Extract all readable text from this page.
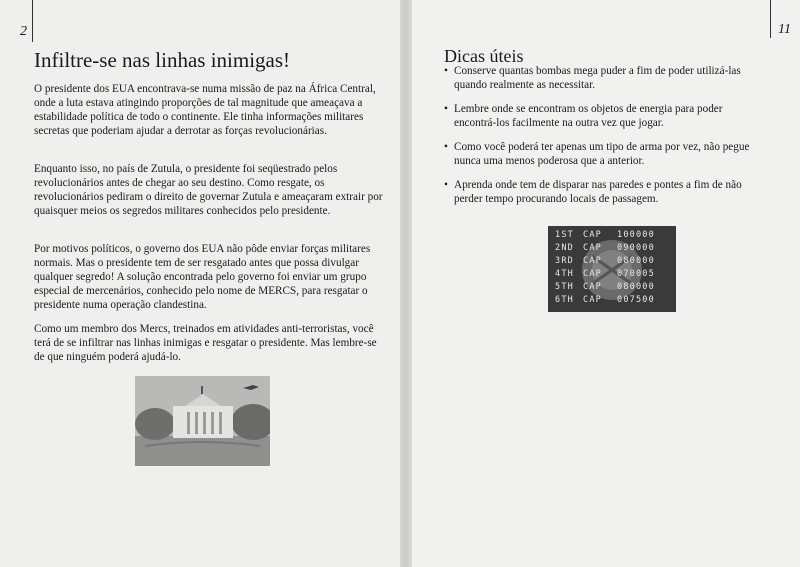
2
Infiltre-se nas linhas inimigas!

O presidente dos EUA encontrava-se numa missão de paz na África Central, onde a luta estava atingindo proporções de tal magnitude que ameaçava a estabilidade política de todo o continente. Ele tinha informações militares secretas que poderiam ajudar a derrotar as forças revolucionárias.

Enquanto isso, no país de Zutula, o presidente foi seqüestrado pelos revolucionários antes de chegar ao seu destino. Como resgate, os revolucionários pediram o direito de governar Zutula e ameaçaram extrair por quaisquer meios os segredos militares conhecidos pelo presidente.

Por motivos políticos, o governo dos EUA não pôde enviar forças militares normais. Mas o presidente tem de ser resgatado antes que possa divulgar qualquer segredo! A solução encontrada pelo governo foi enviar um grupo especial de mercenários, conhecido pelo nome de MERCS, para resgatar o presidente numa operação clandestina.

Como um membro dos Mercs, treinados em atividades anti-terroristas, você terá de se infiltrar nas linhas inimigas e resgatar o presidente. Mas lembre-se de que ninguém poderá ajudá-lo.

11
Dicas úteis
• Conserve quantas bombas mega puder a fim de poder utilizá-las quando realmente as necessitar.
• Lembre onde se encontram os objetos de energia para poder encontrá-los facilmente na outra vez que jogar.
• Como você poderá ter apenas um tipo de arma por vez, não pegue nunca uma menos poderosa que a anterior.
• Aprenda onde tem de disparar nas paredes e pontes a fim de não perder tempo procurando locais de passagem.
1ST CAP 100000
2ND CAP 090000
3RD CAP 080000
4TH CAP 070005
5TH CAP 080000
6TH CAP 007500
